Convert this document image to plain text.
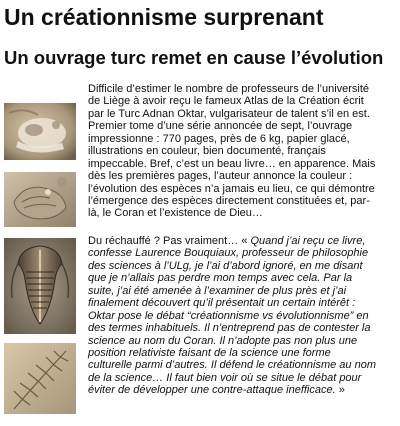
Un créationnisme surprenant
Un ouvrage turc remet en cause l’évolution
Difficile d’estimer le nombre de professeurs de l’université
de Liège à avoir reçu le fameux Atlas de la Création écrit
par le Turc Adnan Oktar, vulgarisateur de talent s’il en est.
Premier tome d’une série annoncée de sept, l’ouvrage
impressionne : 770 pages, près de 6 kg, papier glacé,
illustrations en couleur, bien documenté, français
impeccable. Bref, c’est un beau livre… en apparence. Mais
dès les premières pages, l’auteur annonce la couleur :
l’évolution des espèces n’a jamais eu lieu, ce qui démontre
l’émergence des espèces directement constituées et, par-
là, le Coran et l’existence de Dieu…
Du réchauffé ? Pas vraiment… « Quand j’ai reçu ce livre,
confesse Laurence Bouquiaux, professeur de philosophie
des sciences à l’ULg, je l’ai d’abord ignoré, en me disant
que je n’allais pas perdre mon temps avec cela. Par la
suite, j’ai été amenée à l’examiner de plus près et j’ai
finalement découvert qu’il présentait un certain intérêt :
Oktar pose le débat “créationnisme vs évolutionnisme” en
des termes inhabituels. Il n’entreprend pas de contester la
science au nom du Coran. Il n’adopte pas non plus une
position relativiste faisant de la science une forme
culturelle parmi d’autres. Il défend le créationnisme au nom
de la science… Il faut bien voir où se situe le débat pour
éviter de développer une contre-attaque inefficace. »
